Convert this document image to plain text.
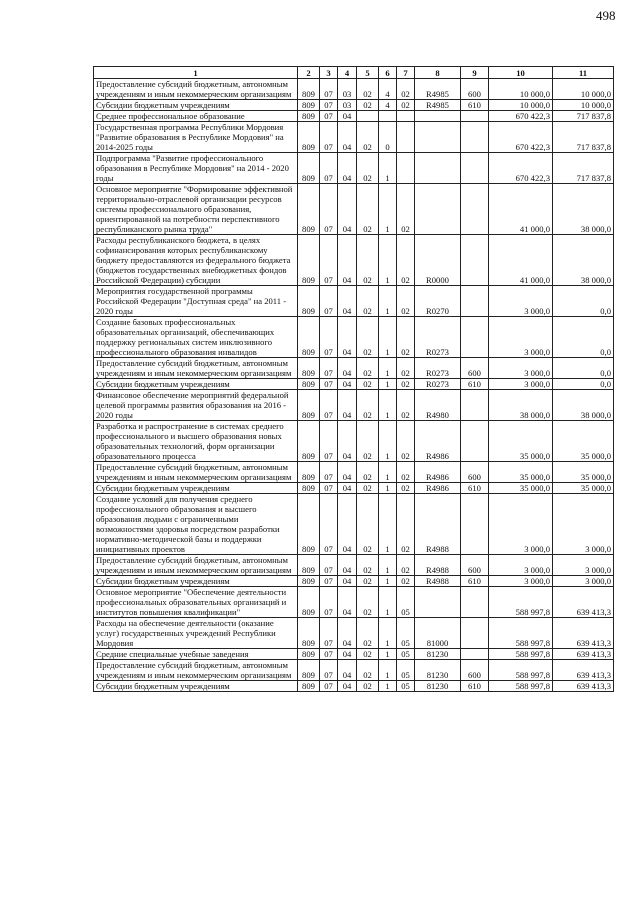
498
1	2	3	4	5	6	7	8	9	10	11
Предоставление субсидий бюджетным, автономным учреждениям и иным некоммерческим организациям	809	07	03	02	4	02	R4985	600	10 000,0	10 000,0
Субсидии бюджетным учреждениям	809	07	03	02	4	02	R4985	610	10 000,0	10 000,0
Среднее профессиональное образование	809	07	04						670 422,3	717 837,8
Государственная программа Республики Мордовия "Развитие образования в Республике Мордовия" на 2014-2025 годы	809	07	04	02	0				670 422,3	717 837,8
Подпрограмма "Развитие профессионального образования в Республике Мордовия" на 2014 - 2020 годы	809	07	04	02	1				670 422,3	717 837,8
Основное мероприятие "Формирование эффективной территориально-отраслевой организации ресурсов системы профессионального образования, ориентированной на потребности перспективного республиканского рынка труда"	809	07	04	02	1	02			41 000,0	38 000,0
Расходы республиканского бюджета, в целях софинансирования которых республиканскому бюджету предоставляются из федерального бюджета (бюджетов государственных внебюджетных фондов Российской Федерации) субсидии	809	07	04	02	1	02	R0000		41 000,0	38 000,0
Мероприятия государственной программы Российской Федерации "Доступная среда" на 2011 - 2020 годы	809	07	04	02	1	02	R0270		3 000,0	0,0
Создание базовых профессиональных образовательных организаций, обеспечивающих поддержку региональных систем инклюзивного профессионального образования инвалидов	809	07	04	02	1	02	R0273		3 000,0	0,0
Предоставление субсидий бюджетным, автономным учреждениям и иным некоммерческим организациям	809	07	04	02	1	02	R0273	600	3 000,0	0,0
Субсидии бюджетным учреждениям	809	07	04	02	1	02	R0273	610	3 000,0	0,0
Финансовое обеспечение мероприятий федеральной целевой программы развития образования на 2016 - 2020 годы	809	07	04	02	1	02	R4980		38 000,0	38 000,0
Разработка и распространение в системах среднего профессионального и высшего образования новых образовательных технологий, форм организации образовательного процесса	809	07	04	02	1	02	R4986		35 000,0	35 000,0
Предоставление субсидий бюджетным, автономным учреждениям и иным некоммерческим организациям	809	07	04	02	1	02	R4986	600	35 000,0	35 000,0
Субсидии бюджетным учреждениям	809	07	04	02	1	02	R4986	610	35 000,0	35 000,0
Создание условий для получения среднего профессионального образования и высшего образования людьми с ограниченными возможностями здоровья посредством разработки нормативно-методической базы и поддержки инициативных проектов	809	07	04	02	1	02	R4988		3 000,0	3 000,0
Предоставление субсидий бюджетным, автономным учреждениям и иным некоммерческим организациям	809	07	04	02	1	02	R4988	600	3 000,0	3 000,0
Субсидии бюджетным учреждениям	809	07	04	02	1	02	R4988	610	3 000,0	3 000,0
Основное мероприятие "Обеспечение деятельности профессиональных образовательных организаций и институтов повышения квалификации"	809	07	04	02	1	05			588 997,8	639 413,3
Расходы на обеспечение деятельности (оказание услуг) государственных учреждений Республики Мордовия	809	07	04	02	1	05	81000		588 997,8	639 413,3
Средние специальные учебные заведения	809	07	04	02	1	05	81230		588 997,8	639 413,3
Предоставление субсидий бюджетным, автономным учреждениям и иным некоммерческим организациям	809	07	04	02	1	05	81230	600	588 997,8	639 413,3
Субсидии бюджетным учреждениям	809	07	04	02	1	05	81230	610	588 997,8	639 413,3
